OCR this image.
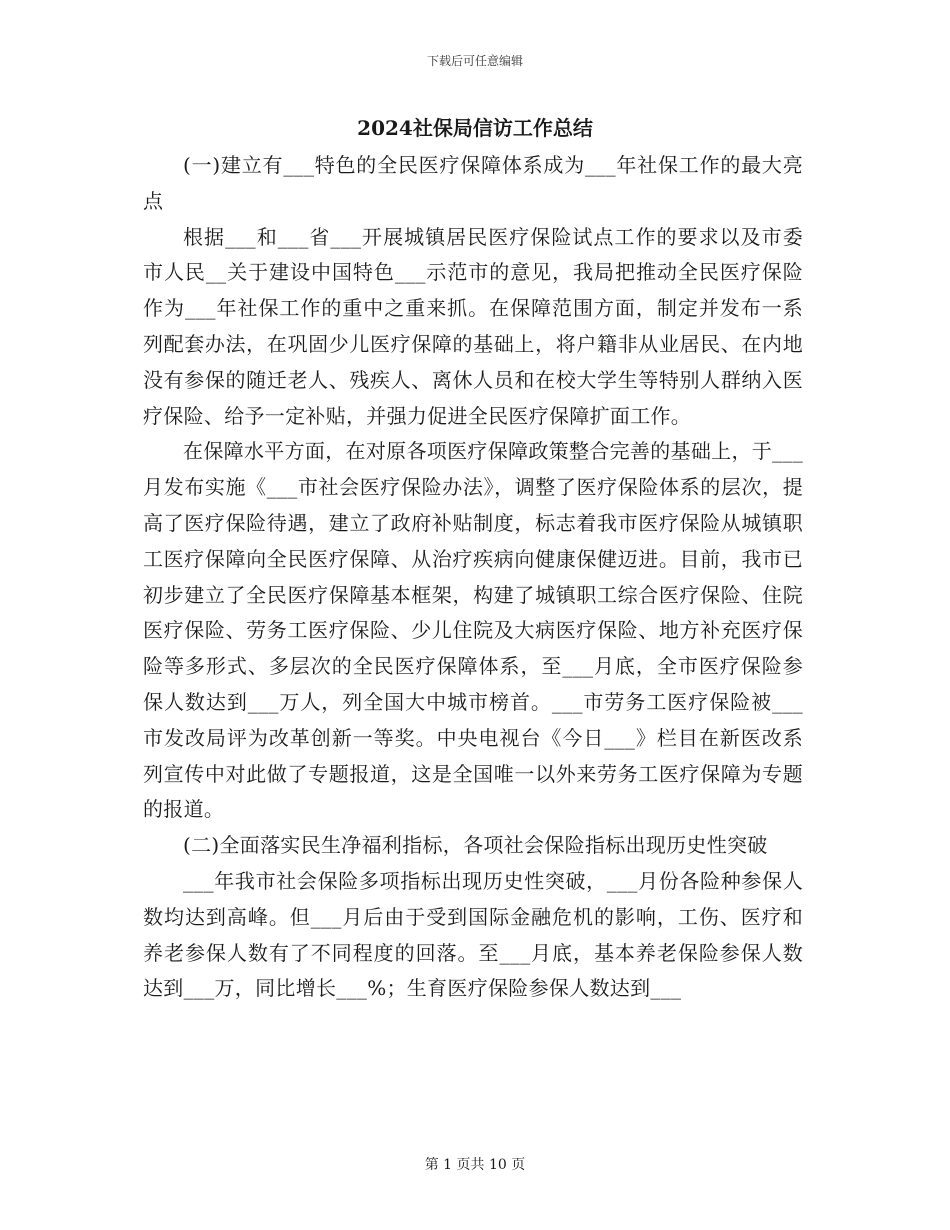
下载后可任意编辑
2024社保局信访工作总结

(一)建立有___特色的全民医疗保障体系成为___年社保工作的最大亮点

根据___和___省___开展城镇居民医疗保险试点工作的要求以及市委市人民__关于建设中国特色___示范市的意见，我局把推动全民医疗保险作为___年社保工作的重中之重来抓。在保障范围方面，制定并发布一系列配套办法，在巩固少儿医疗保障的基础上，将户籍非从业居民、在内地没有参保的随迁老人、残疾人、离休人员和在校大学生等特别人群纳入医疗保险、给予一定补贴，并强力促进全民医疗保障扩面工作。

在保障水平方面，在对原各项医疗保障政策整合完善的基础上，于___月发布实施《___市社会医疗保险办法》，调整了医疗保险体系的层次，提高了医疗保险待遇，建立了政府补贴制度，标志着我市医疗保险从城镇职工医疗保障向全民医疗保障、从治疗疾病向健康保健迈进。目前，我市已初步建立了全民医疗保障基本框架，构建了城镇职工综合医疗保险、住院医疗保险、劳务工医疗保险、少儿住院及大病医疗保险、地方补充医疗保险等多形式、多层次的全民医疗保障体系，至___月底，全市医疗保险参保人数达到___万人，列全国大中城市榜首。___市劳务工医疗保险被___市发改局评为改革创新一等奖。中央电视台《今日___》栏目在新医改系列宣传中对此做了专题报道，这是全国唯一以外来劳务工医疗保障为专题的报道。

(二)全面落实民生净福利指标，各项社会保险指标出现历史性突破

___年我市社会保险多项指标出现历史性突破，___月份各险种参保人数均达到高峰。但___月后由于受到国际金融危机的影响，工伤、医疗和养老参保人数有了不同程度的回落。至___月底，基本养老保险参保人数达到___万，同比增长___%；生育医疗保险参保人数达到___

第 1 页共 10 页
